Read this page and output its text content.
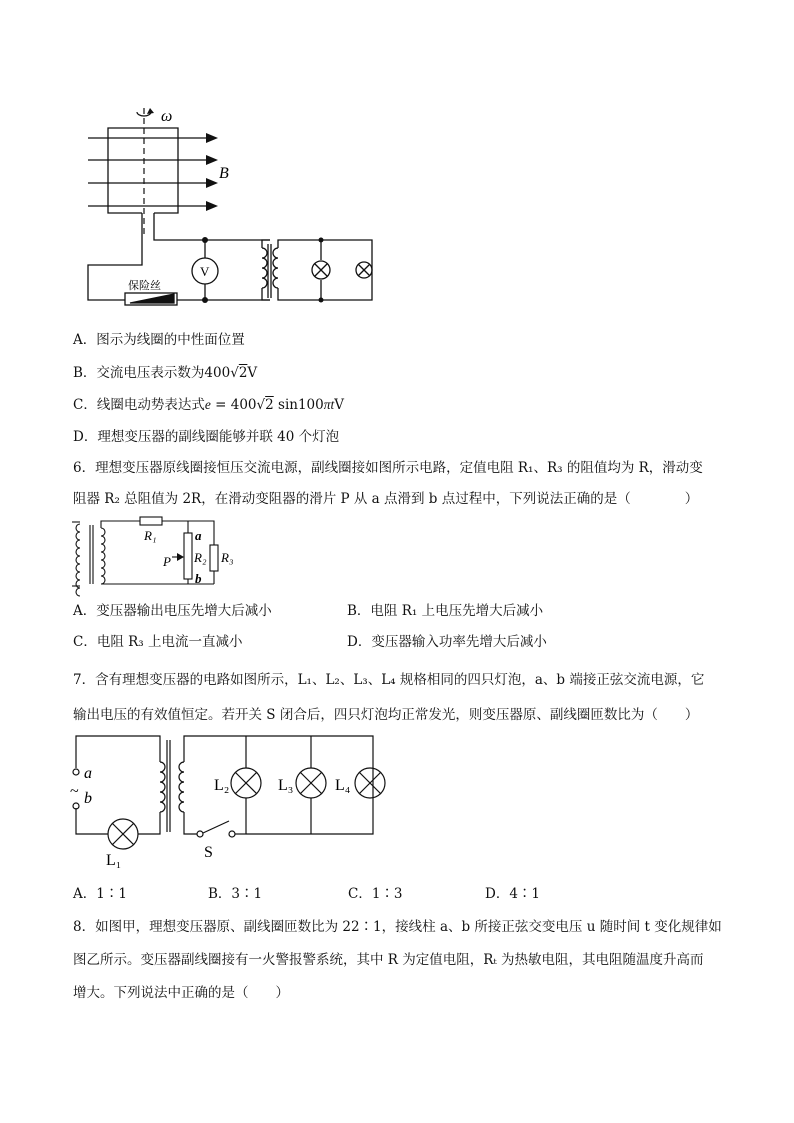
ω
B
V
保险丝
A．图示为线圈的中性面位置
B．交流电压表示数为400√2V
C．线圈电动势表达式e = 400√2 sin100πtV
D．理想变压器的副线圈能够并联 40 个灯泡
6．理想变压器原线圈接恒压交流电源，副线圈接如图所示电路，定值电阻 R₁、R₃ 的阻值均为 R，滑动变
阻器 R₂ 总阻值为 2R，在滑动变阻器的滑片 P 从 a 点滑到 b 点过程中，下列说法正确的是（　　　　）
R₁	a
R₂ R₃
P
b
A．变压器输出电压先增大后减小	B．电阻 R₁ 上电压先增大后减小
C．电阻 R₃ 上电流一直减小	D．变压器输入功率先增大后减小
7．含有理想变压器的电路如图所示，L₁、L₂、L₃、L₄ 规格相同的四只灯泡，a、b 端接正弦交流电源，它
输出电压的有效值恒定。若开关 S 闭合后，四只灯泡均正常发光，则变压器原、副线圈匝数比为（　　）
a
~ b
L₁
L₂	L₃	L₄
S
A．1∶1	B．3∶1	C．1∶3	D．4∶1
8．如图甲，理想变压器原、副线圈匝数比为 22∶1，接线柱 a、b 所接正弦交变电压 u 随时间 t 变化规律如
图乙所示。变压器副线圈接有一火警报警系统，其中 R 为定值电阻，Rₜ 为热敏电阻，其电阻随温度升高而
增大。下列说法中正确的是（　　）
